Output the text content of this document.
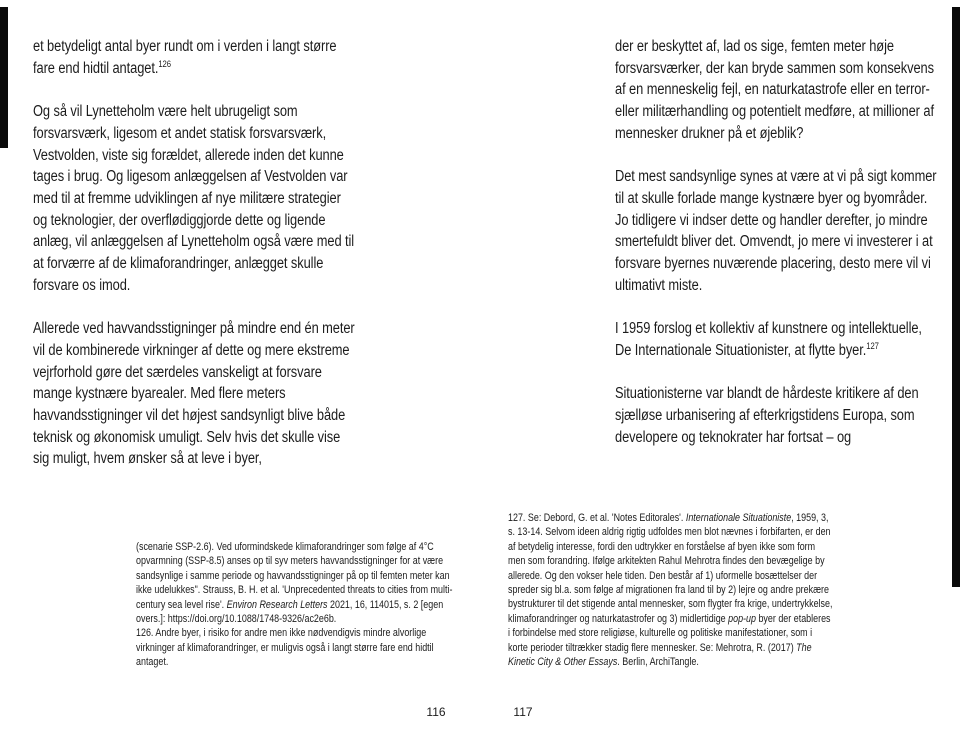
et betydeligt antal byer rundt om i verden i langt større fare end hidtil antaget.$^{126}$

Og så vil Lynetteholm være helt ubrugeligt som forsvarsværk, ligesom et andet statisk forsvarsværk, Vestvolden, viste sig forældet, allerede inden det kunne tages i brug. Og ligesom anlæggelsen af Vestvolden var med til at fremme udviklingen af nye militære strategier og teknologier, der overflødiggjorde dette og ligende anlæg, vil anlæggelsen af Lynetteholm også være med til at forværre af de klimaforandringer, anlægget skulle forsvare os imod.

Allerede ved havvandsstigninger på mindre end én meter vil de kombinerede virkninger af dette og mere ekstreme vejrforhold gøre det særdeles vanskeligt at forsvare mange kystnære byarealer. Med flere meters havvandsstigninger vil det højest sandsynligt blive både teknisk og økonomisk umuligt. Selv hvis det skulle vise sig muligt, hvem ønsker så at leve i byer,

(scenarie SSP-2.6). Ved uformindskede klimaforandringer som følge af 4°C opvarmning (SSP-8.5) anses op til syv meters havvandsstigninger for at være sandsynlige i samme periode og havvandsstigninger på op til femten meter kan ikke udelukkes". Strauss, B. H. et al. 'Unprecedented threats to cities from multi-century sea level rise'. Environ Research Letters 2021, 16, 114015, s. 2 [egen overs.]: https://doi.org/10.1088/1748-9326/ac2e6b.

126. Andre byer, i risiko for andre men ikke nødvendigvis mindre alvorlige virkninger af klimaforandringer, er muligvis også i langt større fare end hidtil antaget.

116

der er beskyttet af, lad os sige, femten meter høje forsvarsværker, der kan bryde sammen som konsekvens af en menneskelig fejl, en naturkatastrofe eller en terror- eller militærhandling og potentielt medføre, at millioner af mennesker drukner på et øjeblik?

Det mest sandsynlige synes at være at vi på sigt kommer til at skulle forlade mange kystnære byer og byområder. Jo tidligere vi indser dette og handler derefter, jo mindre smertefuldt bliver det. Omvendt, jo mere vi investerer i at forsvare byernes nuværende placering, desto mere vil vi ultimativt miste.

I 1959 forslog et kollektiv af kunstnere og intellektuelle, De Internationale Situationister, at flytte byer.$^{127}$

Situationisterne var blandt de hårdeste kritikere af den sjælløse urbanisering af efterkrigstidens Europa, som developere og teknokrater har fortsat – og

127. Se: Debord, G. et al. 'Notes Editorales'. Internationale Situationiste, 1959, 3, s. 13-14. Selvom ideen aldrig rigtig udfoldes men blot nævnes i forbifarten, er den af betydelig interesse, fordi den udtrykker en forståelse af byen ikke som form men som forandring. Ifølge arkitekten Rahul Mehrotra findes den bevægelige by allerede. Og den vokser hele tiden. Den består af 1) uformelle bosættelser der spreder sig bl.a. som følge af migrationen fra land til by 2) lejre og andre prekære bystrukturer til det stigende antal mennesker, som flygter fra krige, undertrykkelse, klimaforandringer og naturkatastrofer og 3) midlertidige pop-up byer der etableres i forbindelse med store religiøse, kulturelle og politiske manifestationer, som i korte perioder tiltrækker stadig flere mennesker. Se: Mehrotra, R. (2017) The Kinetic City & Other Essays. Berlin, ArchiTangle.

117
